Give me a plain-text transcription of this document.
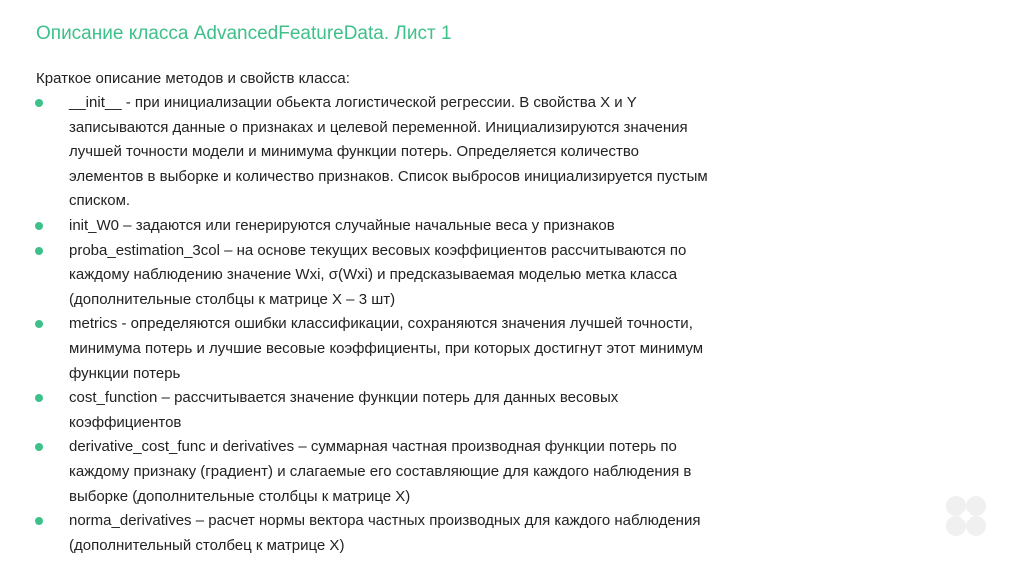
Описание класса AdvancedFeatureData. Лист 1
Краткое описание методов и свойств класса:
__init__ - при инициализации обьекта логистической регрессии. В свойства X и Y
записываются данные о признаках и целевой переменной. Инициализируются значения
лучшей точности модели и минимума функции потерь. Определяется количество
элементов в выборке и количество признаков. Список выбросов инициализируется пустым
списком.
init_W0 – задаются или генерируются случайные начальные веса у признаков
proba_estimation_3col – на основе текущих весовых коэффициентов рассчитываются по
каждому наблюдению значение Wxi, σ(Wxi) и предсказываемая моделью метка класса
(дополнительные столбцы к матрице X – 3 шт)
metrics - определяются ошибки классификации, сохраняются значения лучшей точности,
минимума потерь и лучшие весовые коэффициенты, при которых достигнут этот минимум
функции потерь
cost_function – рассчитывается значение функции потерь для данных весовых
коэффициентов
derivative_cost_func и derivatives – суммарная частная производная функции потерь по
каждому признаку (градиент) и слагаемые его составляющие для каждого наблюдения в
выборке (дополнительные столбцы к матрице X)
norma_derivatives – расчет нормы вектора частных производных для каждого наблюдения
(дополнительный столбец к матрице X)
